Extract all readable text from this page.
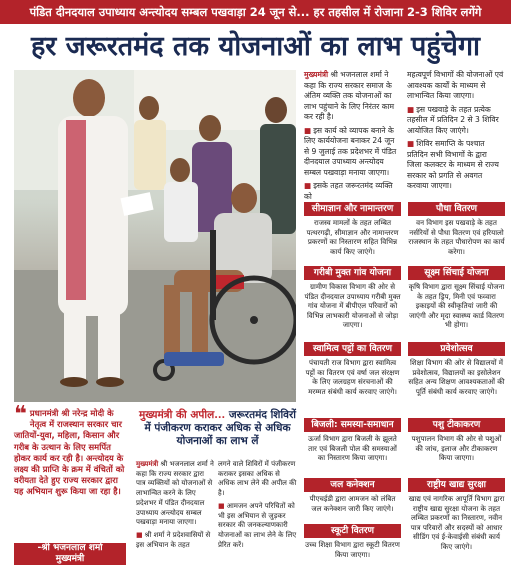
पंडित दीनदयाल उपाध्याय अन्त्योदय सम्बल पखवाड़ा 24 जून से... हर तहसील में रोजाना 2-3 शिविर लगेंगे
हर जरूरतमंद तक योजनाओं का लाभ पहुंचेगा

मुख्यमंत्री श्री भजनलाल शर्मा ने कहा कि राज्य सरकार समाज के अंतिम व्यक्ति तक योजनाओं का लाभ पहुंचाने के लिए निरंतर काम कर रही है।

■ इस कार्य को व्यापक बनाने के लिए कार्ययोजना बनाकर 24 जून से 9 जुलाई तक प्रदेशभर में पंडित दीनदयाल उपाध्याय अन्त्योदय सम्बल पखवाड़ा मनाया जाएगा।

■ इसके तहत जरूरतमंद व्यक्ति को

महत्वपूर्ण विभागों की योजनाओं एवं आवश्यक कार्यों के माध्यम से लाभान्वित किया जाएगा।

■ इस पखवाड़े के तहत प्रत्येक तहसील में प्रतिदिन 2 से 3 शिविर आयोजित किए जाएंगे।

■ शिविर समाप्ति के पश्चात प्रतिदिन सभी विभागों के द्वारा जिला कलक्टर के माध्यम से राज्य सरकार को प्रगति से अवगत करवाया जाएगा।

सीमाज्ञान और नामान्तरण
राजस्व मामलों के तहत लम्बित पत्थरगढ़ी, सीमाज्ञान और नामान्तरण प्रकरणों का निस्तारण सहित विभिन्न कार्य किए जाएंगे।
पौधा वितरण
वन विभाग इस पखवाड़े के तहत नर्सरियों से पौधा वितरण एवं हरियालो राजस्थान के तहत पौधारोपण का कार्य करेगा।
गरीबी मुक्त गांव योजना
ग्रामीण विकास विभाग की ओर से पंडित दीनदयाल उपाध्याय गरीबी मुक्त गांव योजना में बीपीएल परिवारों को विभिन्न लाभकारी योजनाओं से जोड़ा जाएगा।
सूक्ष्म सिंचाई योजना
कृषि विभाग द्वारा सूक्ष्म सिंचाई योजना के तहत ड्रिप, मिनी एवं फव्वारा इकाइयों की स्वीकृतियां जारी की जाएंगी और मृदा स्वास्थ्य कार्ड वितरण भी होगा।
स्वामित्व पट्टों का वितरण
पंचायती राज विभाग द्वारा स्वामित्व पट्टों का वितरण एवं वर्षा जल संरक्षण के लिए जलग्रहण संरचनाओं की मरम्मत संबंधी कार्य करवाए जाएंगे।
प्रवेशोत्सव
शिक्षा विभाग की ओर से विद्यालयों में प्रवेशोत्सव, विद्यालयों का इसोलेशन सहित अन्य शिक्षण आवश्यकताओं की पूर्ति संबंधी कार्य करवाए जाएंगे।
बिजली: समस्या-समाधान
ऊर्जा विभाग द्वारा बिजली के झूलते तार एवं बिजली पोल की समस्याओं का निस्तारण किया जाएगा।
पशु टीकाकरण
पशुपालन विभाग की ओर से पशुओं की जांच, इलाज और टीकाकरण किया जाएगा।
जल कनेक्शन
पीएचईडी द्वारा आमजन को लंबित जल कनेक्शन जारी किए जाएंगे।
राष्ट्रीय खाद्य सुरक्षा
खाद्य एवं नागरिक आपूर्ति विभाग द्वारा राष्ट्रीय खाद्य सुरक्षा योजना के तहत लम्बित प्रकरणों का निस्तारण, नवीन पात्र परिवारों और सदस्यों को आधार सीडिंग एवं ई-केवाईसी संबंधी कार्य किए जाएंगे।
स्कूटी वितरण
उच्च शिक्षा विभाग द्वारा स्कूटी वितरण किया जाएगा।
❝ प्रधानमंत्री श्री नरेन्द्र मोदी के नेतृत्व में राजस्थान सरकार चार जातियों-युवा, महिला, किसान और गरीब के उत्थान के लिए समर्पित होकर कार्य कर रही है। अन्त्योदय के लक्ष्य की प्राप्ति के क्रम में वंचितों को वरीयता देते हुए राज्य सरकार द्वारा यह अभियान शुरू किया जा रहा है।
-श्री भजनलाल शर्मा
मुख्यमंत्री
मुख्यमंत्री की अपील... जरूरतमंद शिविरों में पंजीकरण कराकर अधिक से अधिक योजनाओं का लाभ लें

मुख्यमंत्री श्री भजनलाल शर्मा ने कहा कि राज्य सरकार द्वारा पात्र व्यक्तियों को योजनाओं से लाभान्वित करने के लिए प्रदेशभर में पंडित दीनदयाल उपाध्याय अन्त्योदय सम्बल पखवाड़ा मनाया जाएगा।

■ श्री शर्मा ने प्रदेशवासियों से इस अभियान के तहत

लगने वाले शिविरों में पंजीकरण कराकर इसका अधिक से अधिक लाभ लेने की अपील की है।

■ आमजन अपने परिचितों को भी इस अभियान से जुड़कर सरकार की जनकल्याणकारी योजनाओं का लाभ लेने के लिए प्रेरित करें।
